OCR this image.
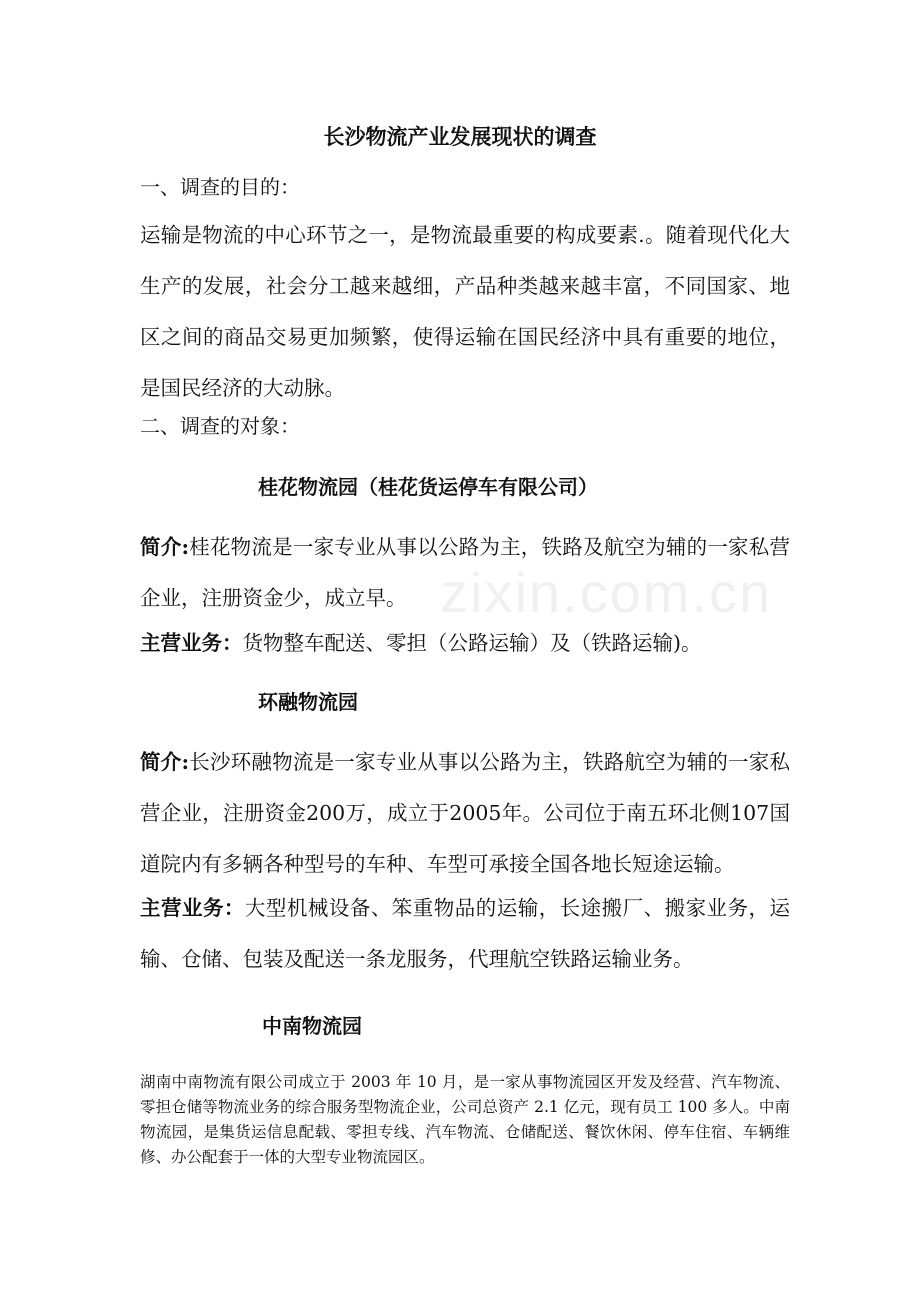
zixin.com.cn
长沙物流产业发展现状的调查

一、调查的目的：

运输是物流的中心环节之一，是物流最重要的构成要素.。随着现代化大生产的发展，社会分工越来越细，产品种类越来越丰富，不同国家、地区之间的商品交易更加频繁，使得运输在国民经济中具有重要的地位，是国民经济的大动脉。

二、调查的对象：

桂花物流园（桂花货运停车有限公司）

简介:桂花物流是一家专业从事以公路为主，铁路及航空为辅的一家私营企业，注册资金少，成立早。

主营业务：货物整车配送、零担（公路运输）及（铁路运输)。

环融物流园

简介:长沙环融物流是一家专业从事以公路为主，铁路航空为辅的一家私营企业，注册资金200万，成立于2005年。公司位于南五环北侧107国道院内有多辆各种型号的车种、车型可承接全国各地长短途运输。

主营业务：大型机械设备、笨重物品的运输，长途搬厂、搬家业务，运输、仓储、包装及配送一条龙服务，代理航空铁路运输业务。

中南物流园

湖南中南物流有限公司成立于 2003 年 10 月，是一家从事物流园区开发及经营、汽车物流、零担仓储等物流业务的综合服务型物流企业，公司总资产 2.1 亿元，现有员工 100 多人。中南物流园，是集货运信息配载、零担专线、汽车物流、仓储配送、餐饮休闲、停车住宿、车辆维修、办公配套于一体的大型专业物流园区。
